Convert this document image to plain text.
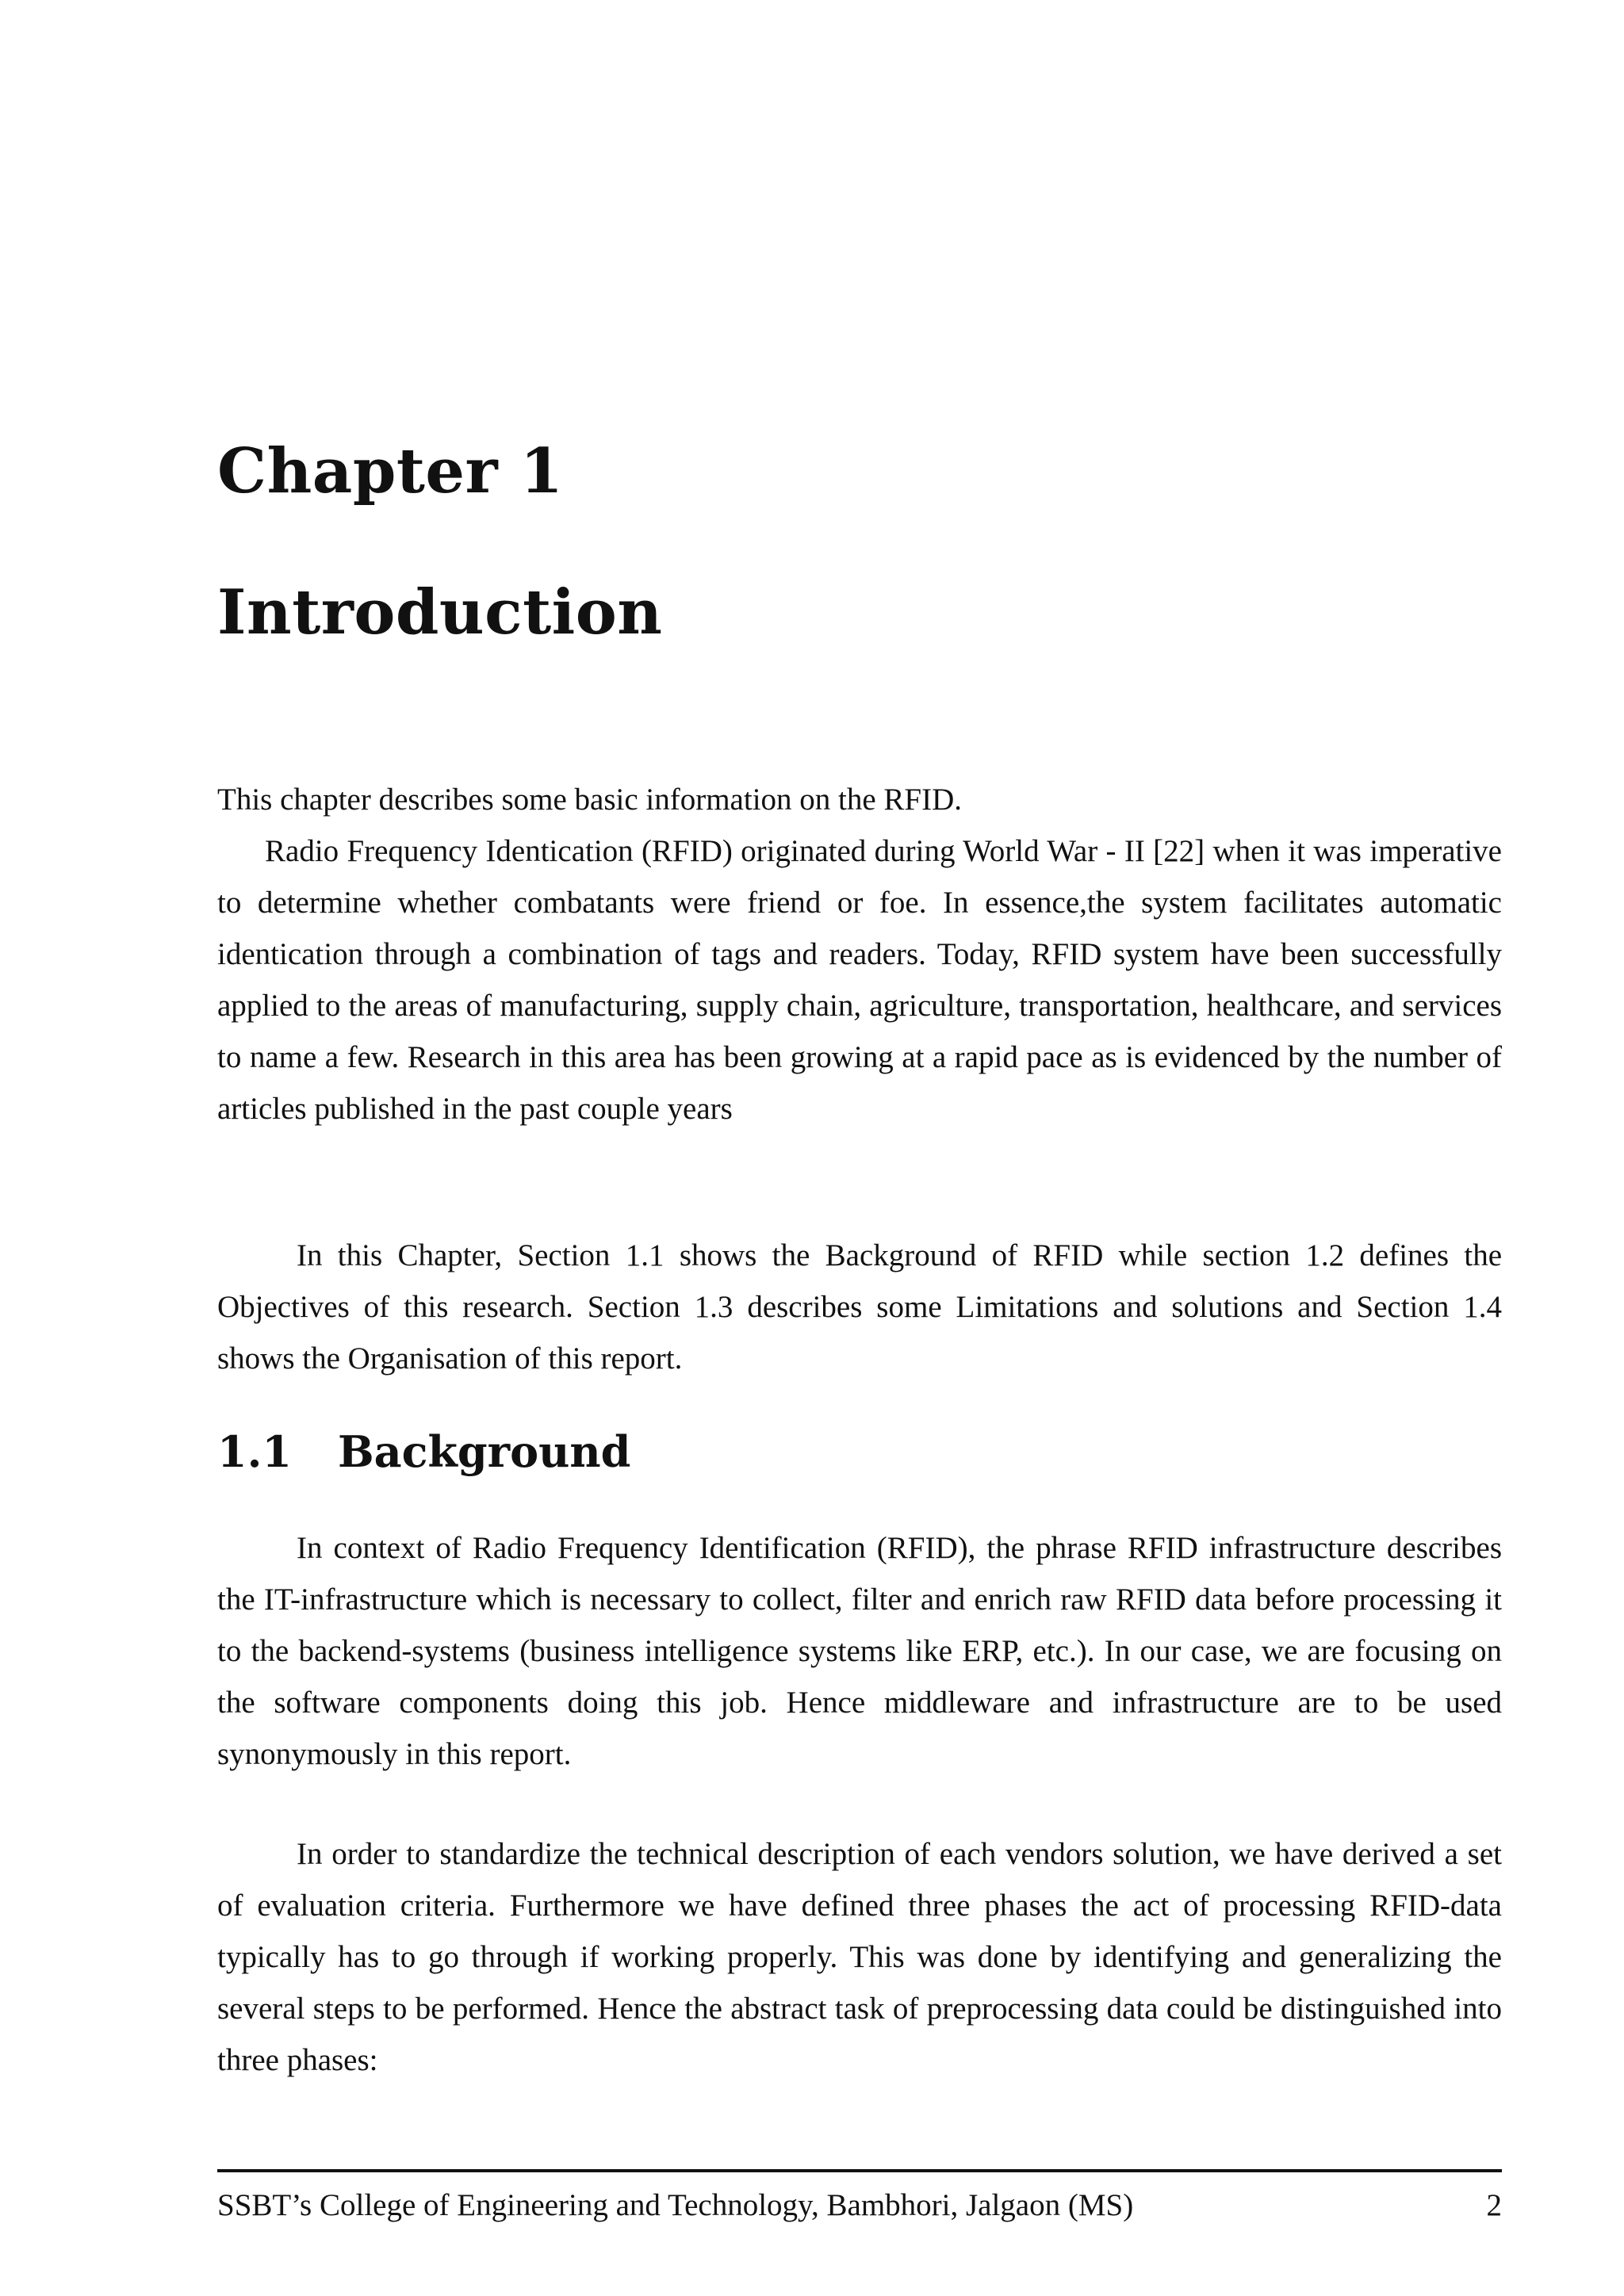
Chapter 1
Introduction

This chapter describes some basic information on the RFID.

Radio Frequency Identication (RFID) originated during World War - II [22] when it was imperative to determine whether combatants were friend or foe. In essence,the system facilitates automatic identication through a combination of tags and readers. Today, RFID system have been successfully applied to the areas of manufacturing, supply chain, agriculture, transportation, healthcare, and services to name a few. Research in this area has been growing at a rapid pace as is evidenced by the number of articles published in the past couple years

In this Chapter, Section 1.1 shows the Background of RFID while section 1.2 defines the Objectives of this research. Section 1.3 describes some Limitations and solutions and Section 1.4 shows the Organisation of this report.

1.1 Background

In context of Radio Frequency Identification (RFID), the phrase RFID infrastructure describes the IT-infrastructure which is necessary to collect, filter and enrich raw RFID data before processing it to the backend-systems (business intelligence systems like ERP, etc.). In our case, we are focusing on the software components doing this job. Hence middleware and infrastructure are to be used synonymously in this report.

In order to standardize the technical description of each vendors solution, we have derived a set of evaluation criteria. Furthermore we have defined three phases the act of processing RFID-data typically has to go through if working properly. This was done by identifying and generalizing the several steps to be performed. Hence the abstract task of preprocessing data could be distinguished into three phases:

SSBT’s College of Engineering and Technology, Bambhori, Jalgaon (MS)	2
